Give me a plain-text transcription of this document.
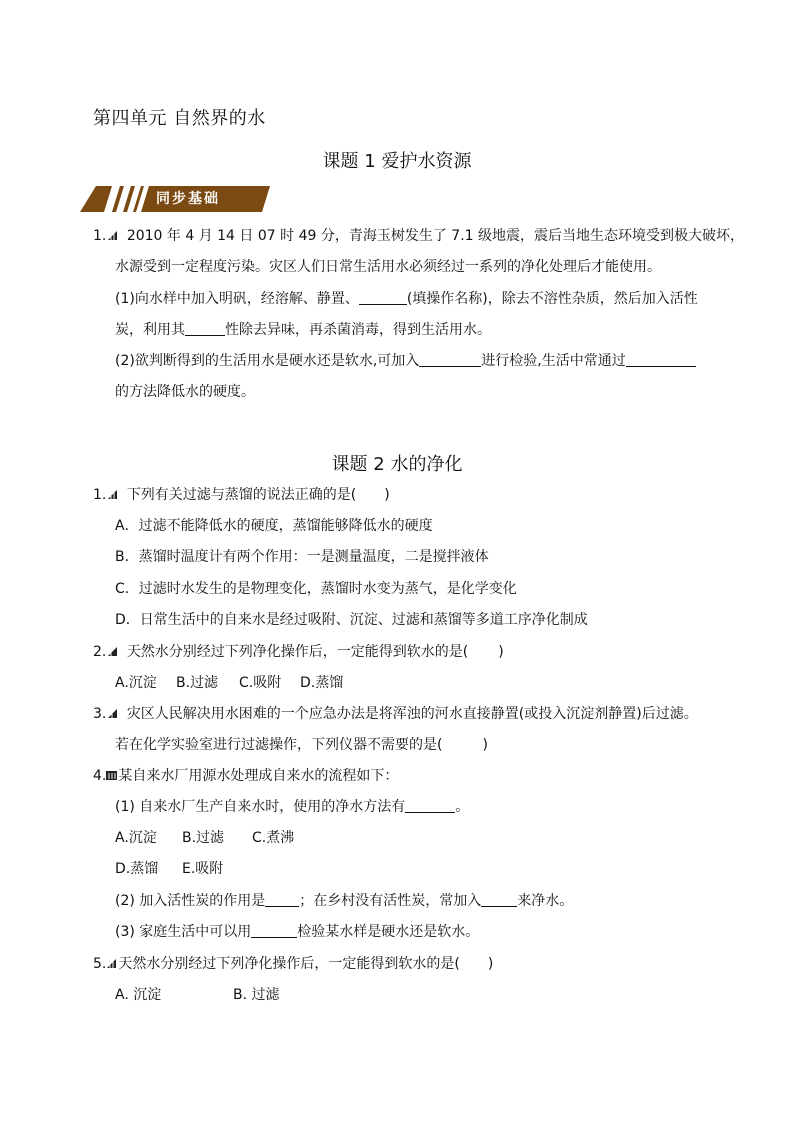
第四单元 自然界的水
课题 1 爱护水资源
同步基础
1. 2010 年 4 月 14 日 07 时 49 分，青海玉树发生了 7.1 级地震，震后当地生态环境受到极大破坏，
水源受到一定程度污染。灾区人们日常生活用水必须经过一系列的净化处理后才能使用。
(1)向水样中加入明矾，经溶解、静置、	(填操作名称)，除去不溶性杂质，然后加入活性
炭，利用其	性除去异味，再杀菌消毒，得到生活用水。
(2)欲判断得到的生活用水是硬水还是软水,可加入	进行检验,生活中常通过
的方法降低水的硬度。
课题 2 水的净化
1. 下列有关过滤与蒸馏的说法正确的是( )
A．过滤不能降低水的硬度，蒸馏能够降低水的硬度
B．蒸馏时温度计有两个作用：一是测量温度，二是搅拌液体
C．过滤时水发生的是物理变化，蒸馏时水变为蒸气，是化学变化
D．日常生活中的自来水是经过吸附、沉淀、过滤和蒸馏等多道工序净化制成
2. 天然水分别经过下列净化操作后，一定能得到软水的是( )
A.沉淀 B.过滤 C.吸附 D.蒸馏
3. 灾区人民解决用水困难的一个应急办法是将浑浊的河水直接静置(或投入沉淀剂静置)后过滤。
若在化学实验室进行过滤操作，下列仪器不需要的是(	)
4. 某自来水厂用源水处理成自来水的流程如下：
(1) 自来水厂生产自来水时，使用的净水方法有	。
A.沉淀 B.过滤 C.煮沸
D.蒸馏 E.吸附
(2) 加入活性炭的作用是 ；在乡村没有活性炭，常加入	来净水。
(3) 家庭生活中可以用	检验某水样是硬水还是软水。
5. 天然水分别经过下列净化操作后，一定能得到软水的是( )
A. 沉淀	B. 过滤
